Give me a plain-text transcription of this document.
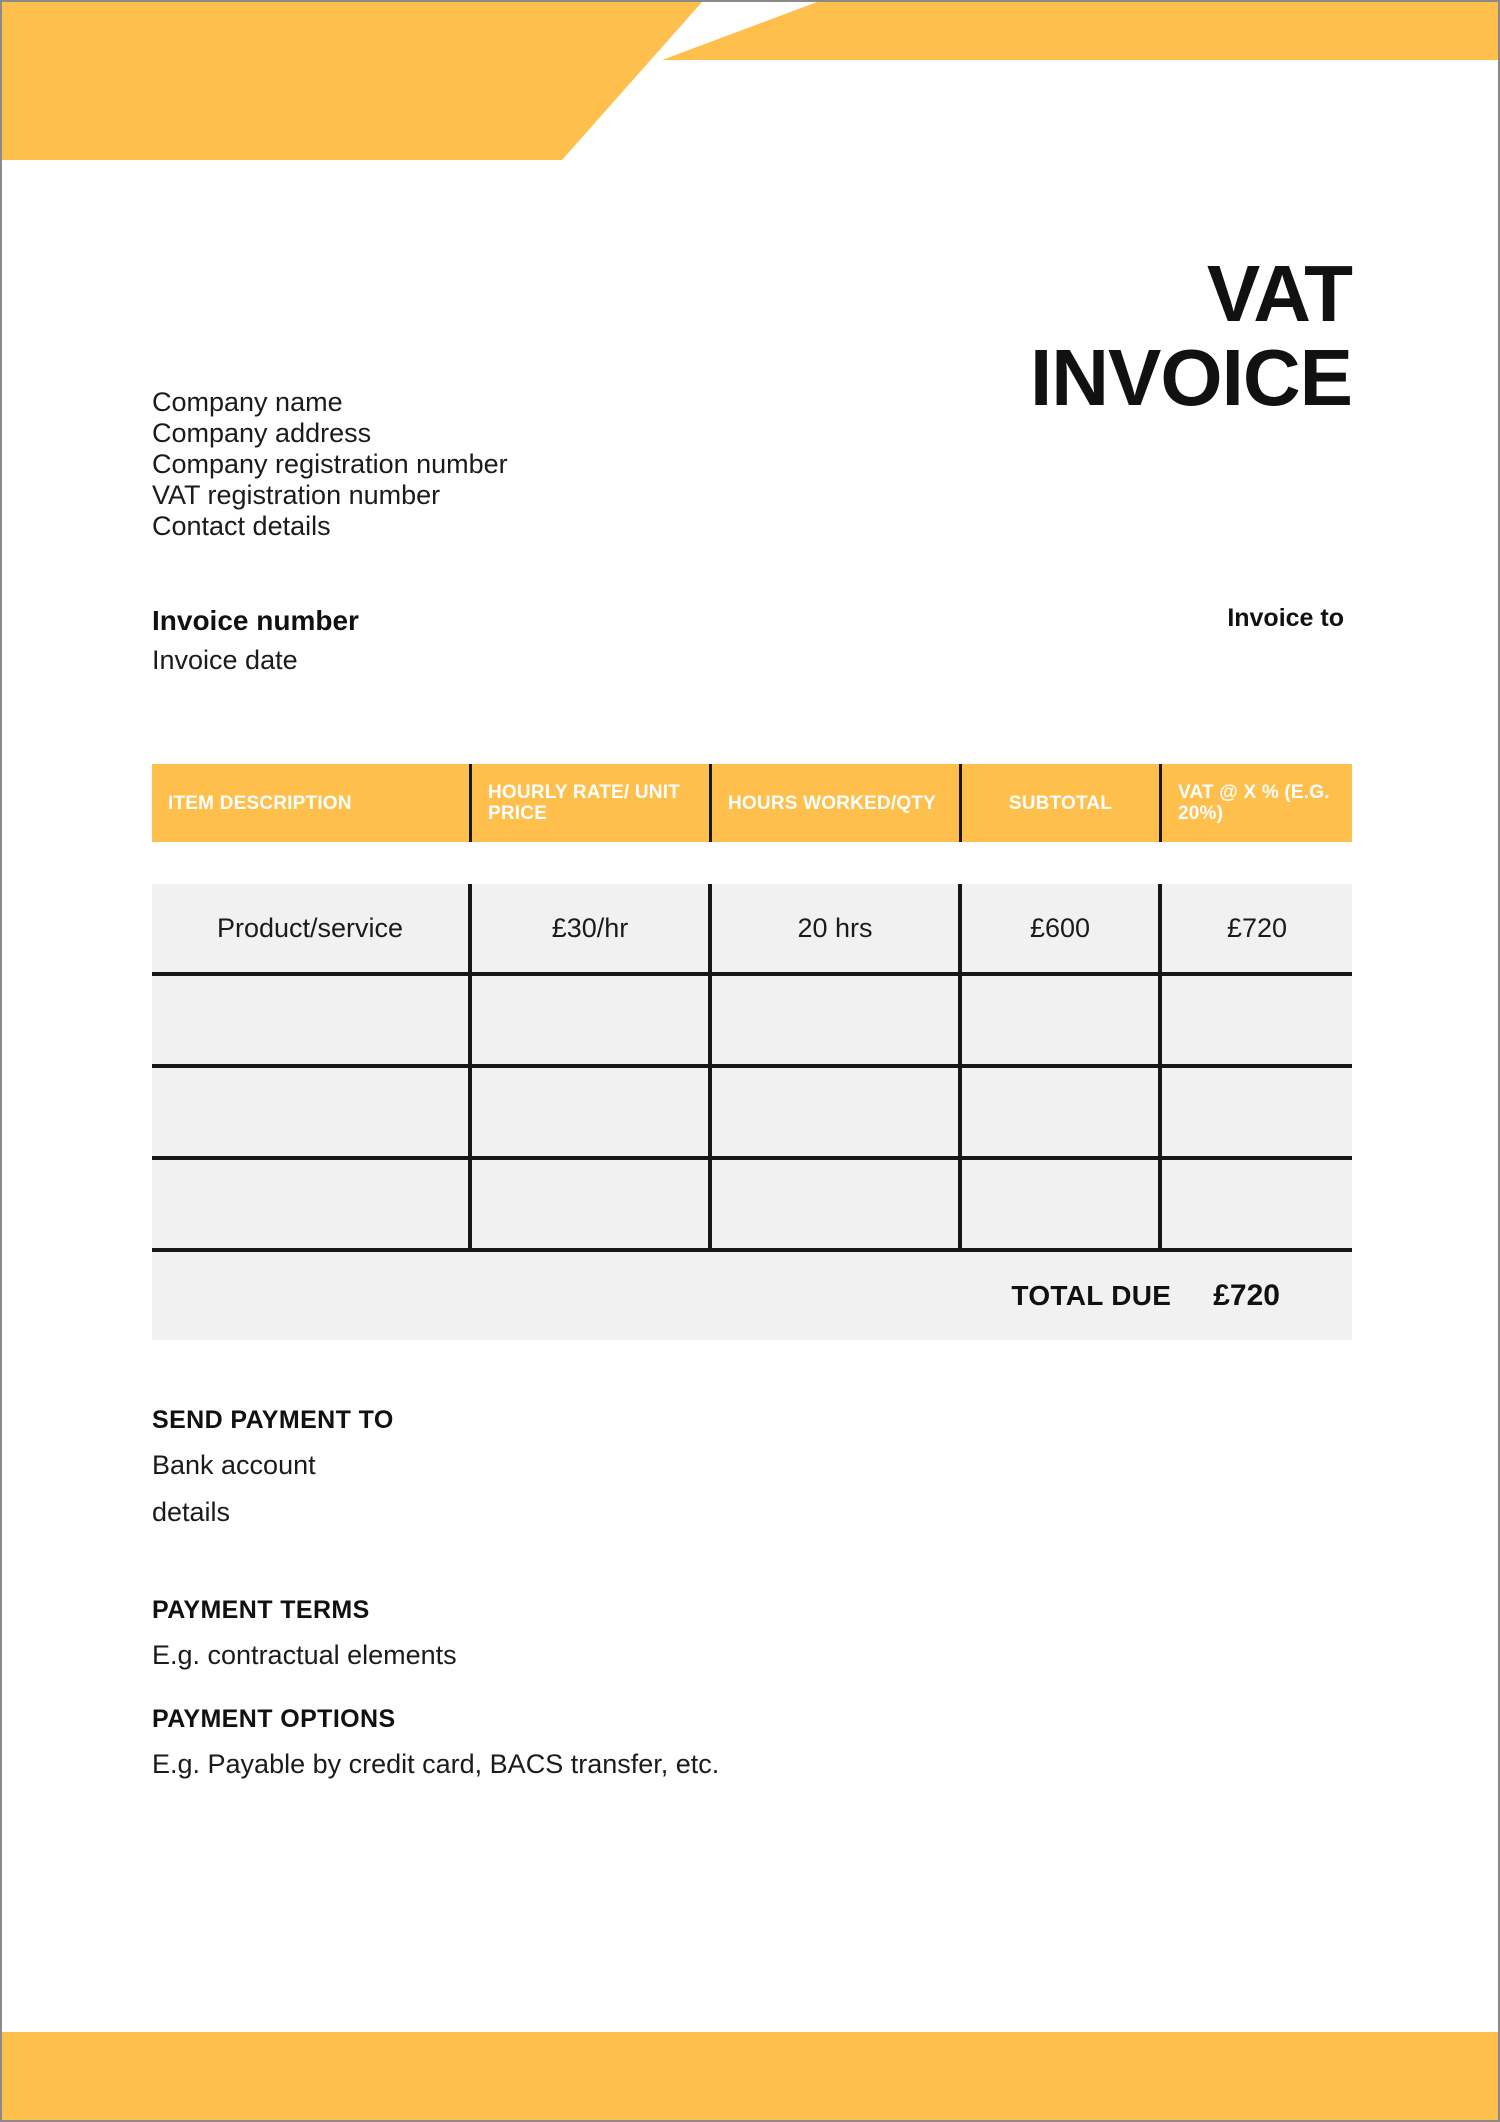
Company name
Company address
Company registration number
VAT registration number
Contact details
VAT
INVOICE
Invoice number
Invoice date
Invoice to
ITEM DESCRIPTION	HOURLY RATE/ UNIT PRICE	HOURS WORKED/QTY	SUBTOTAL	VAT @ X % (E.G. 20%)
Product/service	£30/hr	20 hrs	£600	£720
TOTAL DUE £720
SEND PAYMENT TO
Bank account
details
PAYMENT TERMS
E.g. contractual elements
PAYMENT OPTIONS
E.g. Payable by credit card, BACS transfer, etc.
